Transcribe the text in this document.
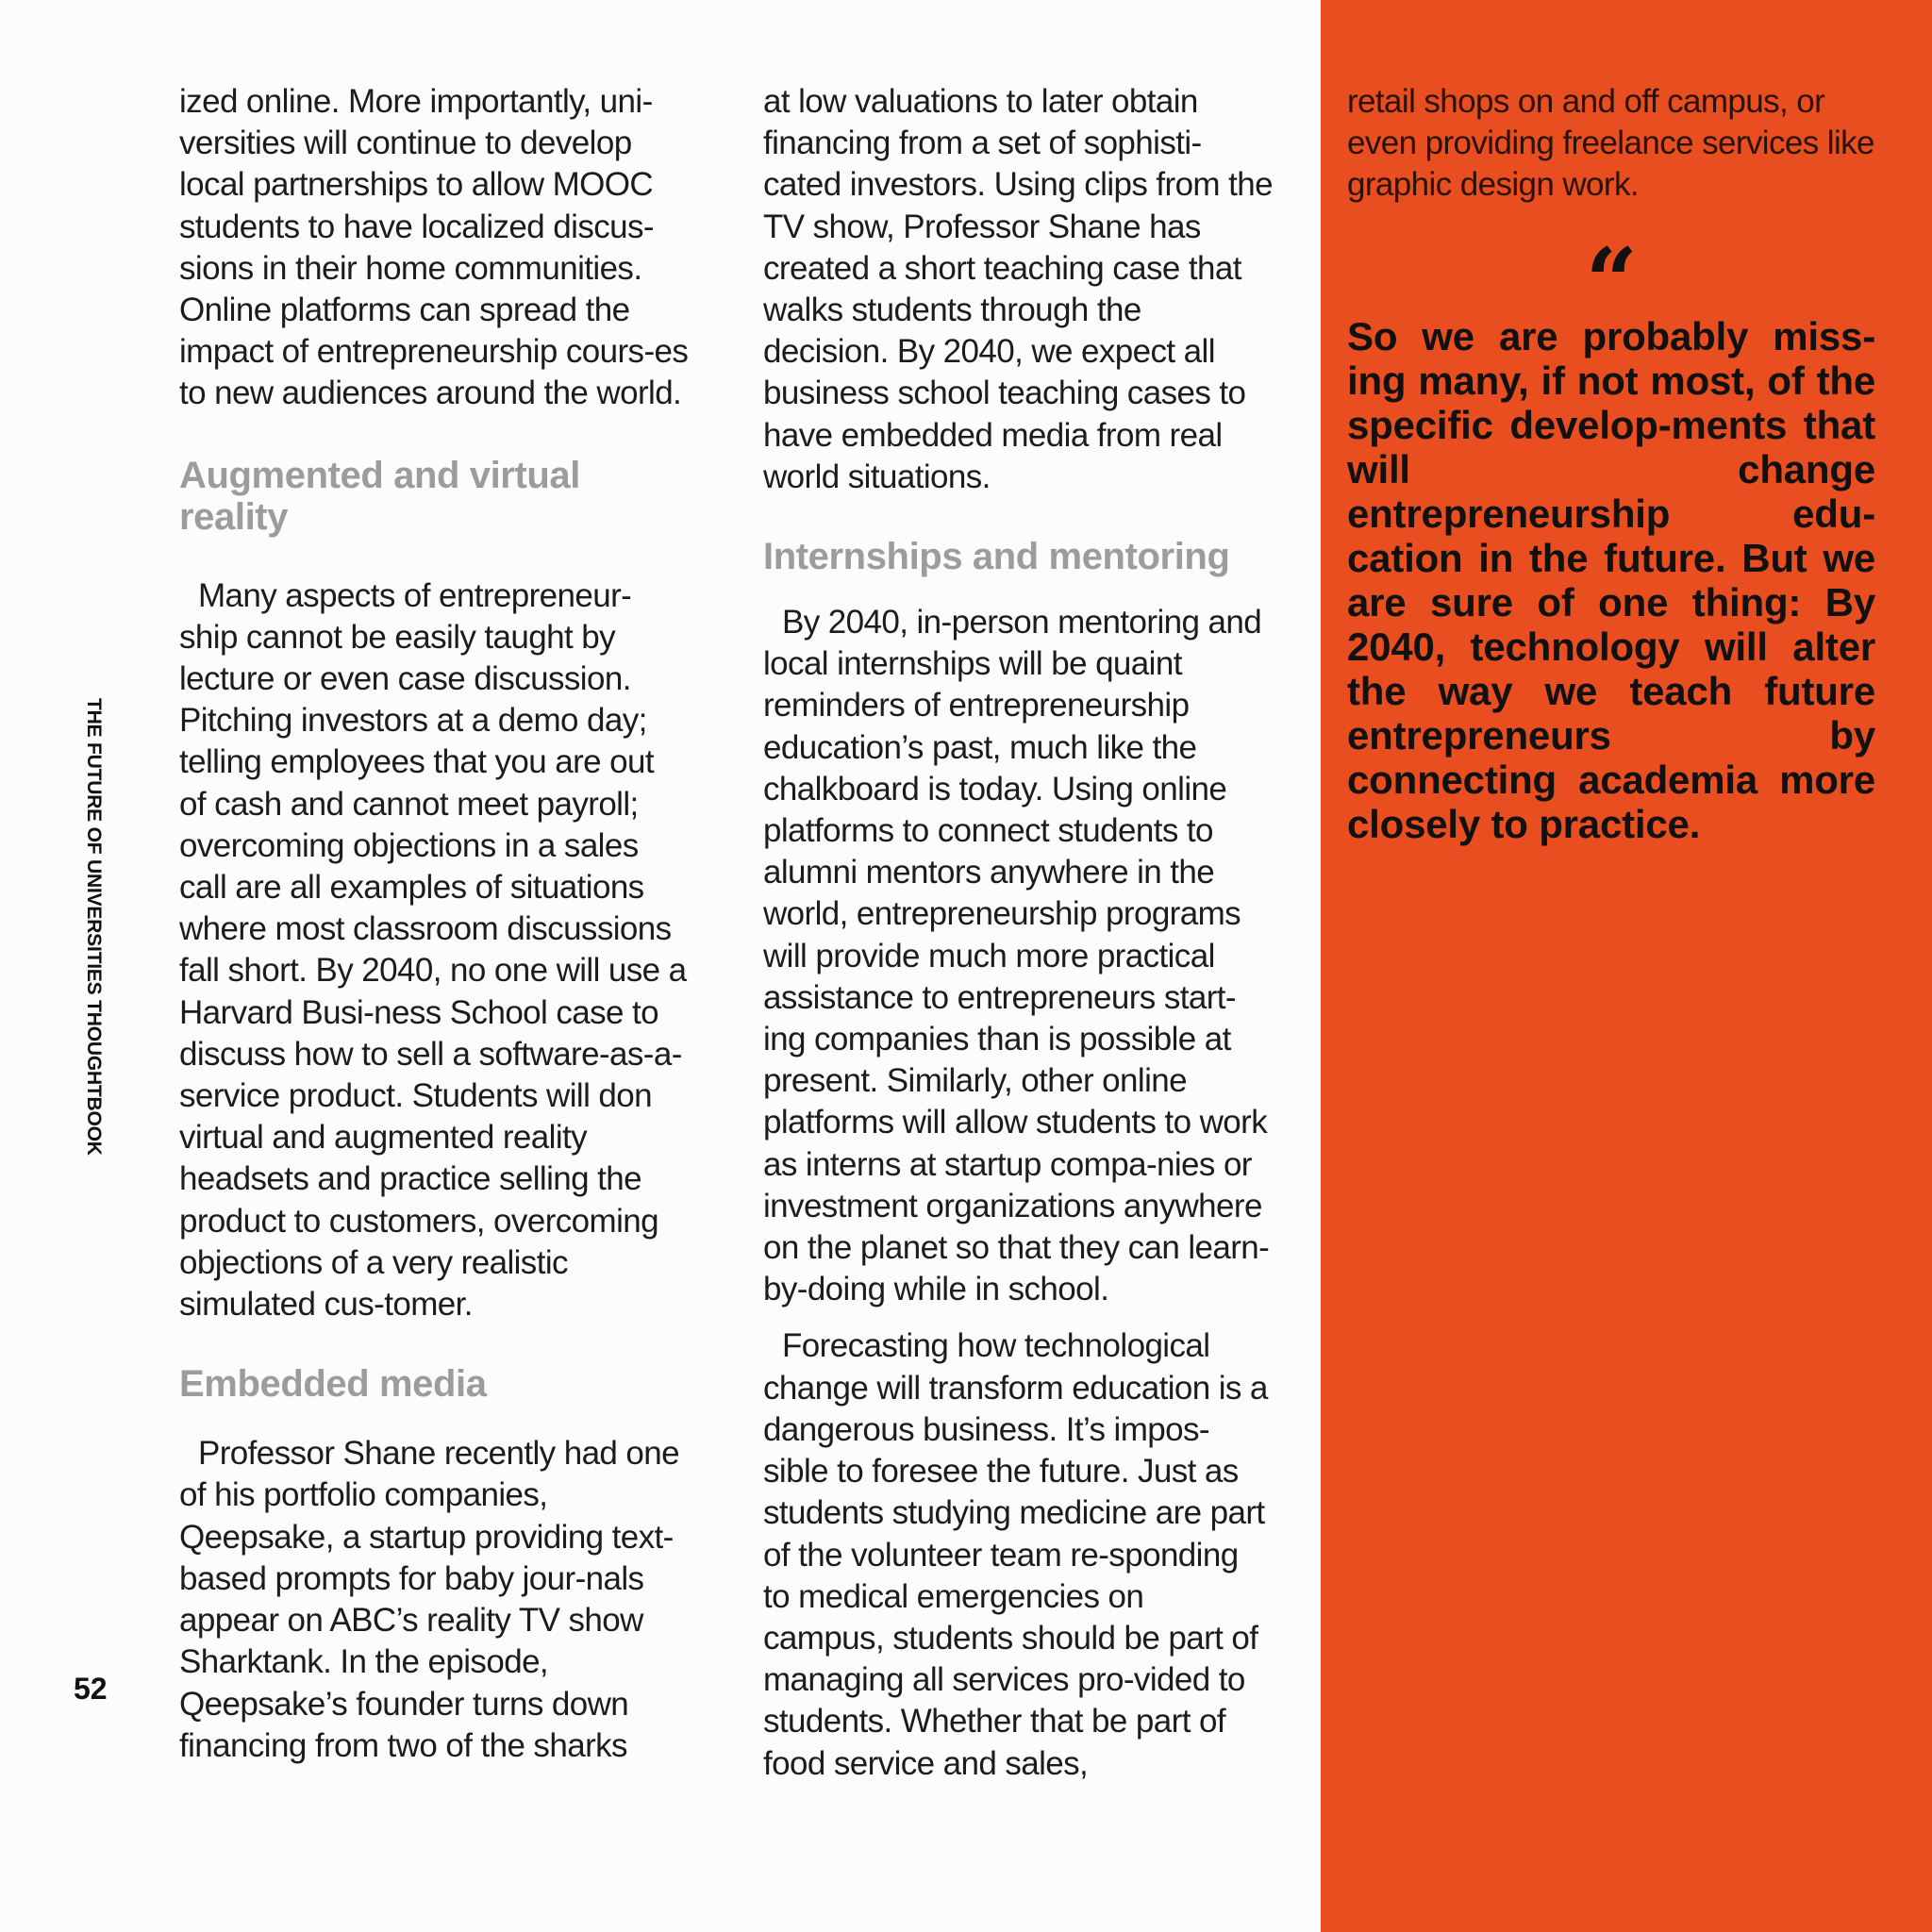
THE FUTURE OF UNIVERSITIES THOUGHTBOOK
52

ized online. More importantly, uni-versities will continue to develop local partnerships to allow MOOC students to have localized discus-sions in their home communities. Online platforms can spread the impact of entrepreneurship cours-es to new audiences around the world.

Augmented and virtual reality

Many aspects of entrepreneur-ship cannot be easily taught by lecture or even case discussion. Pitching investors at a demo day; telling employees that you are out of cash and cannot meet payroll; overcoming objections in a sales call are all examples of situations where most classroom discussions fall short. By 2040, no one will use a Harvard Busi-ness School case to discuss how to sell a software-as-a-service product. Students will don virtual and augmented reality headsets and practice selling the product to customers, overcoming objections of a very realistic simulated cus-tomer.

Embedded media

Professor Shane recently had one of his portfolio companies, Qeepsake, a startup providing text-based prompts for baby jour-nals appear on ABC’s reality TV show Sharktank. In the episode, Qeepsake’s founder turns down financing from two of the sharks

at low valuations to later obtain financing from a set of sophisti-cated investors. Using clips from the TV show, Professor Shane has created a short teaching case that walks students through the decision. By 2040, we expect all business school teaching cases to have embedded media from real world situations.

Internships and mentoring

By 2040, in-person mentoring and local internships will be quaint reminders of entrepreneurship education’s past, much like the chalkboard is today. Using online platforms to connect students to alumni mentors anywhere in the world, entrepreneurship programs will provide much more practical assistance to entrepreneurs start-ing companies than is possible at present. Similarly, other online platforms will allow students to work as interns at startup compa-nies or investment organizations anywhere on the planet so that they can learn-by-doing while in school.

Forecasting how technological change will transform education is a dangerous business. It’s impos-sible to foresee the future. Just as students studying medicine are part of the volunteer team re-sponding to medical emergencies on campus, students should be part of managing all services pro-vided to students. Whether that be part of food service and sales,

retail shops on and off campus, or even providing freelance services like graphic design work.

“

So we are probably miss-ing many, if not most, of the specific develop-ments that will change entrepreneurship edu-cation in the future. But we are sure of one thing: By 2040, technology will alter the way we teach future entrepreneurs by connecting academia more closely to practice.
